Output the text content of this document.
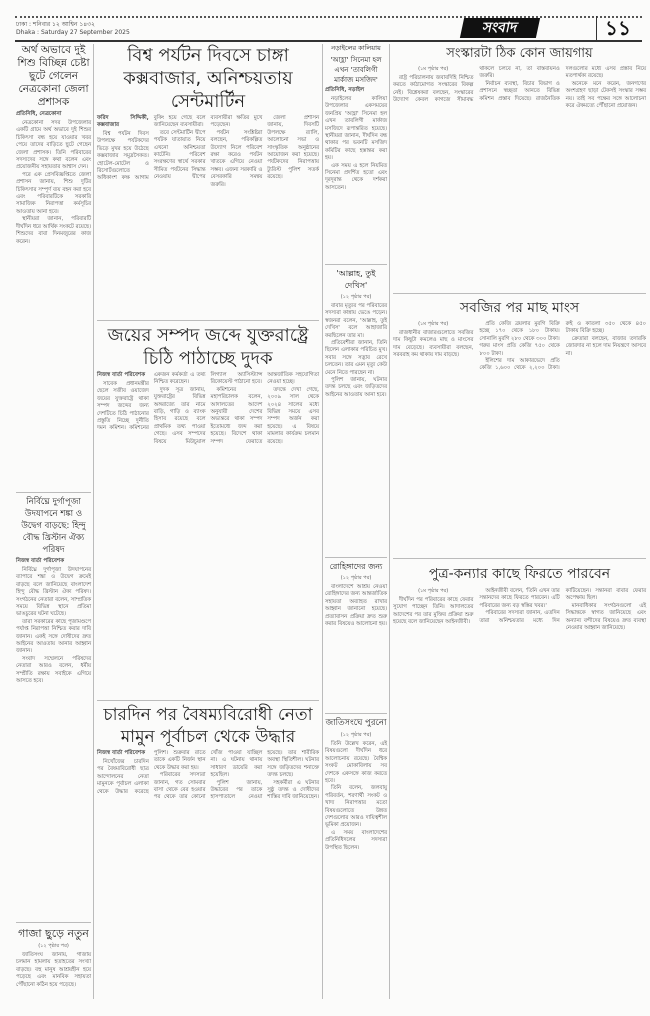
ঢাকা : শনিবার ১২ আশ্বিন ১৪৩২
Dhaka : Saturday 27 September 2025	সংবাদ	১১
অর্থ অভাবে দুই শিশু বিচ্ছিন্ন চেষ্টা ছুটে গেলেন নেত্রকোনা জেলা প্রশাসক
প্রতিনিধি, নেত্রকোনা

নেত্রকোনা সদর উপজেলার একটি গ্রামে অর্থ অভাবে দুই শিশুর চিকিৎসা বন্ধ হয়ে যাওয়ার খবর পেয়ে তাদের বাড়িতে ছুটে গেছেন জেলা প্রশাসক। তিনি পরিবারের সদস্যদের সঙ্গে কথা বলেন এবং প্রয়োজনীয় সহায়তার আশ্বাস দেন।

পরে এক প্রেসবিজ্ঞপ্তিতে জেলা প্রশাসন জানায়, শিশু দুটির চিকিৎসার সম্পূর্ণ ব্যয় বহন করা হবে এবং পরিবারটিকে সরকারি সামাজিক নিরাপত্তা কর্মসূচির আওতায় আনা হবে।

স্থানীয়রা জানান, পরিবারটি দীর্ঘদিন ধরে আর্থিক সংকটে রয়েছে। শিশুদের বাবা দিনমজুরের কাজ করেন।

নির্বিঘ্নে দুর্গাপূজা উদযাপনে শঙ্কা ও উদ্বেগ বাড়ছে: হিন্দু বৌদ্ধ খ্রিস্টান ঐক্য পরিষদ
নিজস্ব বার্তা পরিবেশক

নির্বিঘ্নে দুর্গাপূজা উদযাপনের ব্যাপারে শঙ্কা ও উদ্বেগ ক্রমেই বাড়ছে বলে জানিয়েছে বাংলাদেশ হিন্দু বৌদ্ধ খ্রিস্টান ঐক্য পরিষদ। সংগঠনের নেতারা বলেন, সাম্প্রতিক সময়ে বিভিন্ন স্থানে প্রতিমা ভাঙচুরের ঘটনা ঘটেছে।

তারা সরকারের কাছে পূজামণ্ডপে পর্যাপ্ত নিরাপত্তা নিশ্চিত করার দাবি জানান। একই সঙ্গে দোষীদের দ্রুত আইনের আওতায় আনার আহ্বান জানান।

সংবাদ সম্মেলনে পরিষদের নেতারা আরও বলেন, ধর্মীয় সম্প্রীতি রক্ষায় সবাইকে এগিয়ে আসতে হবে।

গাজা ছুড়ে নতুন
(১২ পৃষ্ঠার পর)

জাতিসংঘ জানায়, গাজায় চলমান হামলায় হতাহতের সংখ্যা বাড়ছে। বহু মানুষ আশ্রয়হীন হয়ে পড়েছে এবং মানবিক সহায়তা পৌঁছানো কঠিন হয়ে পড়েছে।

বিশ্ব পর্যটন দিবসে চাঙ্গা কক্সবাজার, অনিশ্চয়তায় সেন্টমার্টিন
ফরিদ সিদ্দিকী, কক্সবাজার

বিশ্ব পর্যটন দিবস উপলক্ষে পর্যটকদের ভিড়ে মুখর হয়ে উঠেছে কক্সবাজার সমুদ্রসৈকত। হোটেল-মোটেল ও রিসোর্টগুলোতে অধিকাংশ কক্ষ আগাম বুকিং হয়ে গেছে বলে জানিয়েছেন ব্যবসায়ীরা।

তবে সেন্টমার্টিন দ্বীপে পর্যটক যাতায়াত নিয়ে এখনো অনিশ্চয়তা কাটেনি। পরিবেশ সংরক্ষণের স্বার্থে সরকার সীমিত পর্যটনের সিদ্ধান্ত নেওয়ায় দ্বীপের ব্যবসায়ীরা ক্ষতির মুখে পড়েছেন।

পর্যটন সংশ্লিষ্টরা বলছেন, পরিকল্পিত উদ্যোগ নিলে পরিবেশ রক্ষা করেও পর্যটন খাতকে এগিয়ে নেওয়া সম্ভব। এজন্য সরকারি ও বেসরকারি সমন্বয় জরুরি।

জেলা প্রশাসন জানায়, দিবসটি উপলক্ষে র‍্যালি, আলোচনা সভা ও সাংস্কৃতিক অনুষ্ঠানের আয়োজন করা হয়েছে। পর্যটকদের নিরাপত্তায় ট্যুরিস্ট পুলিশ সতর্ক রয়েছে।

জয়ের সম্পদ জব্দে যুক্তরাষ্ট্রে চিঠি পাঠাচ্ছে দুদক
নিজস্ব বার্তা পরিবেশক

সাবেক প্রধানমন্ত্রীর ছেলে সজীব ওয়াজেদ জয়ের যুক্তরাষ্ট্রে থাকা সম্পদ জব্দের জন্য দেশটিতে চিঠি পাঠানোর প্রস্তুতি নিচ্ছে দুর্নীতি দমন কমিশন। কমিশনের একজন কর্মকর্তা এ তথ্য নিশ্চিত করেছেন।

দুদক সূত্র জানায়, যুক্তরাষ্ট্রের বিভিন্ন অঙ্গরাজ্যে তার নামে বাড়ি, গাড়ি ও ব্যাংক হিসাব রয়েছে বলে প্রাথমিক তথ্য পাওয়া গেছে। এসব সম্পদের বিষয়ে মিউচুয়াল লিগ্যাল অ্যাসিস্ট্যান্স রিকোয়েস্ট পাঠানো হবে।

কমিশনের মহাপরিচালক বলেন, আদালতের আদেশ অনুযায়ী দেশের অভ্যন্তরে থাকা সম্পদ ইতোমধ্যে জব্দ করা হয়েছে। বিদেশে থাকা সম্পদ ফেরাতে আন্তর্জাতিক সহযোগিতা নেওয়া হচ্ছে।

তদন্তে দেখা গেছে, ২০০৯ সাল থেকে ২০২৪ সালের মধ্যে বিভিন্ন সময়ে এসব সম্পদ অর্জন করা হয়েছে। এ বিষয়ে মামলার কার্যক্রম চলমান রয়েছে।

চারদিন পর বৈষম্যবিরোধী নেতা মামুন পূর্বাচল থেকে উদ্ধার
নিজস্ব বার্তা পরিবেশক

নিখোঁজের চারদিন পর বৈষম্যবিরোধী ছাত্র আন্দোলনের নেতা মামুনকে পূর্বাচল এলাকা থেকে উদ্ধার করেছে পুলিশ। শুক্রবার রাতে তাকে একটি নির্জন স্থান থেকে উদ্ধার করা হয়।

পরিবারের সদস্যরা জানান, গত সোমবার বাসা থেকে বের হওয়ার পর থেকে তার কোনো খোঁজ পাওয়া যাচ্ছিল না। এ ঘটনায় থানায় সাধারণ ডায়েরি করা হয়েছিল।

পুলিশ জানায়, উদ্ধারের পর তাকে হাসপাতালে নেওয়া হয়েছে। তার শারীরিক অবস্থা স্থিতিশীল। ঘটনার সঙ্গে জড়িতদের শনাক্তে তদন্ত চলছে।

সহকর্মীরা এ ঘটনার সুষ্ঠু তদন্ত ও দোষীদের শাস্তির দাবি জানিয়েছেন।

নড়াইলের কালিয়ায়
'আহ্লা' সিনেমা হল এখন 'তাবলিগী মার্কাজ মসজিদ'
প্রতিনিধি, নড়াইল

নড়াইলের কালিয়া উপজেলার একসময়ের জনপ্রিয় 'আহ্লা' সিনেমা হল এখন তাবলিগী মার্কাজ মসজিদে রূপান্তরিত হয়েছে। স্থানীয়রা জানান, দীর্ঘদিন বন্ধ থাকার পর ভবনটি মসজিদ কমিটির কাছে হস্তান্তর করা হয়।

এক সময় এ হলে নিয়মিত সিনেমা প্রদর্শিত হতো এবং দূরদূরান্ত থেকে দর্শকরা আসতেন।

'আল্লাহ, তুই দেখিস'
(১২ পৃষ্ঠার পর)

বাবার মৃত্যুর পর পরিবারের সদস্যরা কান্নায় ভেঙে পড়েন। স্বজনরা বলেন, 'আল্লাহ, তুই দেখিস' বলে আহাজারি করছিলেন তার মা।

প্রতিবেশীরা জানান, তিনি ছিলেন এলাকার পরিচিত মুখ। সবার সঙ্গে সদ্ভাব রেখে চলতেন। তার এমন মৃত্যু কেউ মেনে নিতে পারছেন না।

পুলিশ জানায়, ঘটনার তদন্ত চলছে এবং জড়িতদের আইনের আওতায় আনা হবে।

রোহিঙ্গাদের জন্য
(১২ পৃষ্ঠার পর)

বাংলাদেশে আশ্রয় নেওয়া রোহিঙ্গাদের জন্য আন্তর্জাতিক সহায়তা অব্যাহত রাখার আহ্বান জানানো হয়েছে। প্রত্যাবাসন প্রক্রিয়া দ্রুত শুরু করার বিষয়েও আলোচনা হয়।

জাতিসংঘে পুরনো
(১২ পৃষ্ঠার পর)

তিনি উল্লেখ করেন, এই বিষয়গুলো দীর্ঘদিন ধরে আলোচনায় রয়েছে। বৈশ্বিক সংকট মোকাবিলায় সব দেশকে একসঙ্গে কাজ করতে হবে।

তিনি বলেন, জলবায়ু পরিবর্তন, শরণার্থী সংকট ও খাদ্য নিরাপত্তার মতো বিষয়গুলোতে উন্নত দেশগুলোর আরও দায়িত্বশীল ভূমিকা প্রয়োজন।

এ সময় বাংলাদেশের প্রতিনিধিদলের সদস্যরা উপস্থিত ছিলেন।

সংস্কারটা ঠিক কোন জায়গায়
(১ম পৃষ্ঠার পর)

রাষ্ট্র পরিচালনায় জবাবদিহি নিশ্চিত করতে কাঠামোগত সংস্কারের বিকল্প নেই। বিশ্লেষকরা বলছেন, সংস্কারের উদ্যোগ কেবল কাগজে সীমাবদ্ধ থাকলে চলবে না, তা বাস্তবায়নও জরুরি।

নির্বাচন ব্যবস্থা, বিচার বিভাগ ও প্রশাসনে স্বচ্ছতা আনতে বিভিন্ন কমিশন প্রস্তাব দিয়েছে। রাজনৈতিক দলগুলোর মধ্যে এসব প্রস্তাব নিয়ে মতপার্থক্য রয়েছে।

অনেকে মনে করেন, জনগণের অংশগ্রহণ ছাড়া টেকসই সংস্কার সম্ভব নয়। তাই সব পক্ষের সঙ্গে আলোচনা করে ঐকমত্যে পৌঁছানো প্রয়োজন।

সবজির পর মাছ মাংস
(১ম পৃষ্ঠার পর)

রাজধানীর বাজারগুলোতে সবজির দাম কিছুটা কমলেও মাছ ও মাংসের দাম বেড়েছে। ব্যবসায়ীরা বলছেন, সরবরাহ কম থাকায় দাম বাড়ছে।

প্রতি কেজি ব্রয়লার মুরগি বিক্রি হচ্ছে ১৭০ থেকে ১৮০ টাকায়। সোনালি মুরগি ২৮০ থেকে ৩০০ টাকা। গরুর মাংস প্রতি কেজি ৭৫০ থেকে ৮০০ টাকা।

ইলিশের দাম আকারভেদে প্রতি কেজি ১,৬০০ থেকে ২,২০০ টাকা। রুই ও কাতলা ৩৫০ থেকে ৪৫০ টাকায় বিক্রি হচ্ছে।

ক্রেতারা বলছেন, বাজার তদারকি জোরদার না হলে দাম নিয়ন্ত্রণে আসবে না।

পুত্র-কন্যার কাছে ফিরতে পারবেন
(১ম পৃষ্ঠার পর)

দীর্ঘদিন পর পরিবারের কাছে ফেরার সুযোগ পাচ্ছেন তিনি। আদালতের আদেশের পর তার মুক্তির প্রক্রিয়া শুরু হয়েছে বলে জানিয়েছেন আইনজীবী।

আইনজীবী বলেন, 'তিনি এখন তার সন্তানদের কাছে ফিরতে পারবেন। এটি পরিবারের জন্য বড় স্বস্তির খবর।'

পরিবারের সদস্যরা জানান, এতদিন তারা অনিশ্চয়তার মধ্যে দিন কাটিয়েছেন। সন্তানরা বাবার ফেরার অপেক্ষায় ছিল।

মানবাধিকার সংগঠনগুলো এই সিদ্ধান্তকে স্বাগত জানিয়েছে এবং অন্যান্য বন্দীদের বিষয়েও দ্রুত ব্যবস্থা নেওয়ার আহ্বান জানিয়েছে।
